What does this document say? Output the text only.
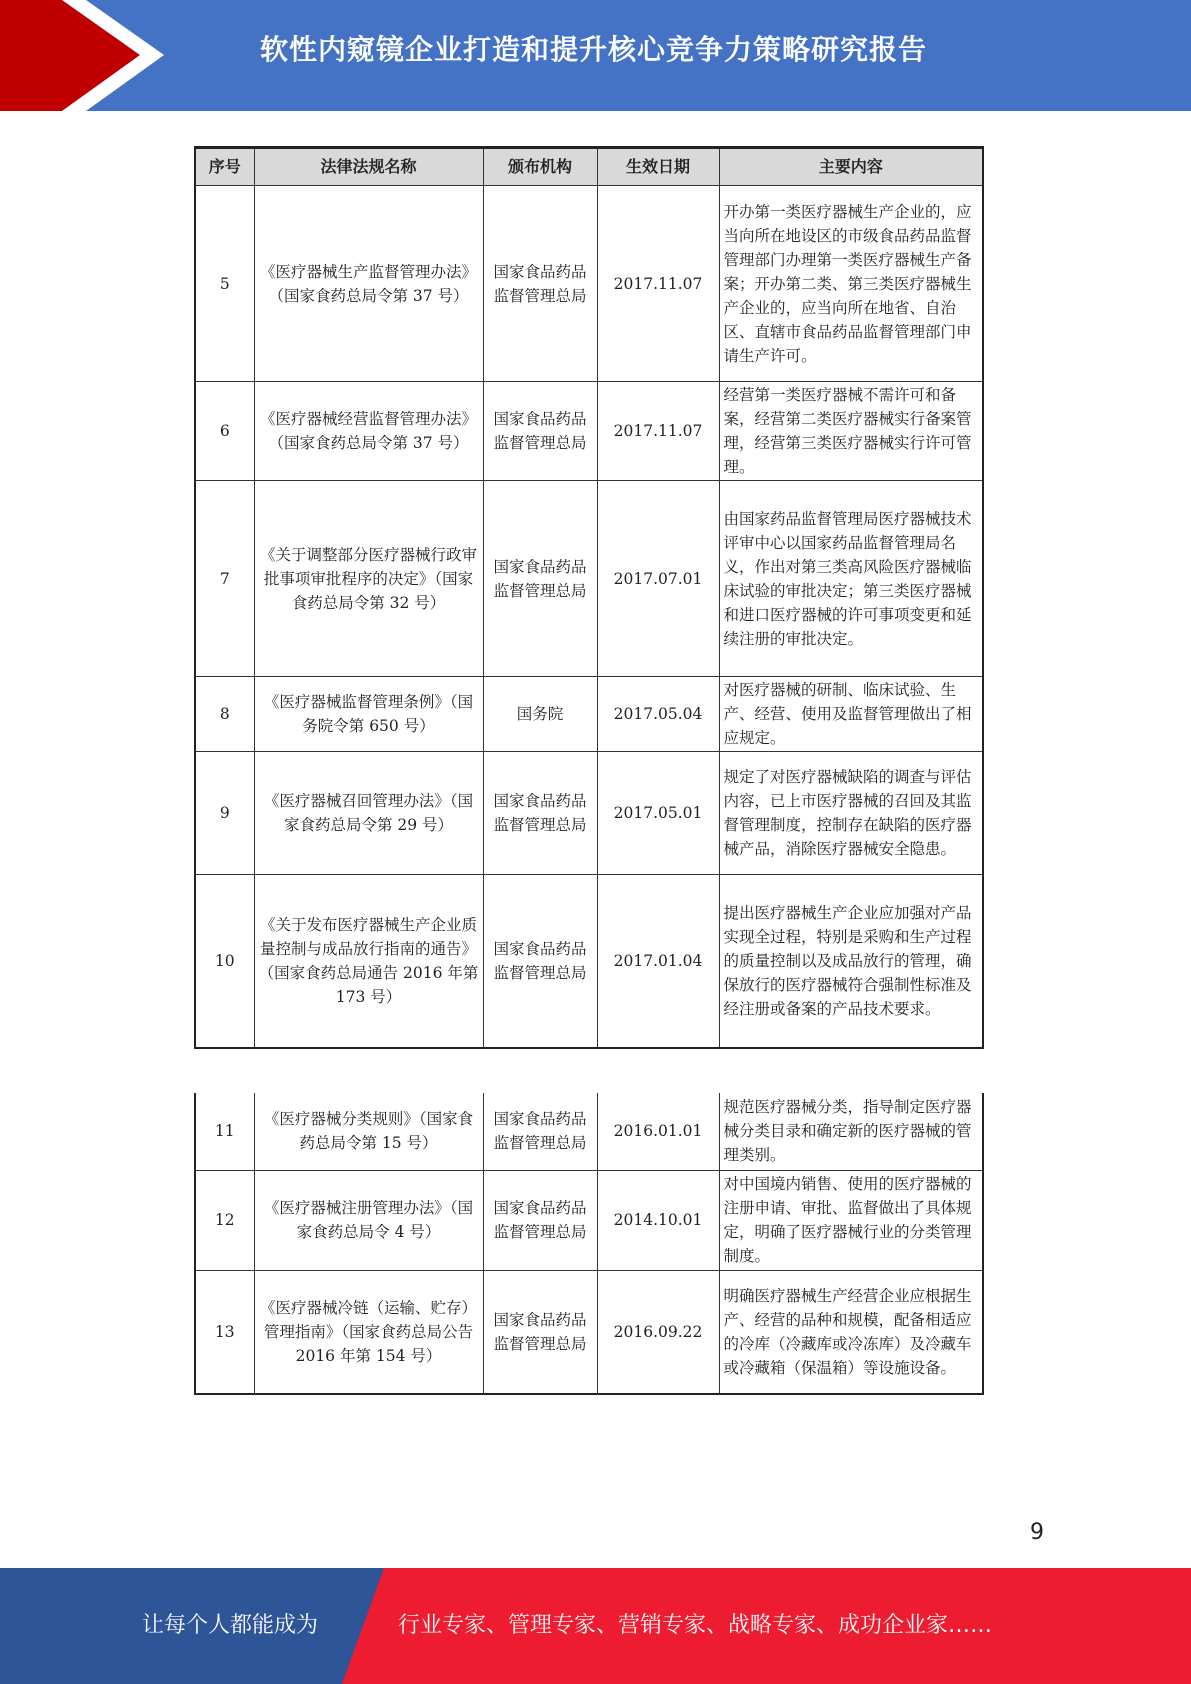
软性内窥镜企业打造和提升核心竞争力策略研究报告
序号	法律法规名称	颁布机构	生效日期	主要内容
5	《医疗器械生产监督管理办法》（国家食药总局令第 37 号）	国家食品药品监督管理总局	2017.11.07	开办第一类医疗器械生产企业的，应当向所在地设区的市级食品药品监督管理部门办理第一类医疗器械生产备案；开办第二类、第三类医疗器械生产企业的，应当向所在地省、自治区、直辖市食品药品监督管理部门申请生产许可。
6	《医疗器械经营监督管理办法》（国家食药总局令第 37 号）	国家食品药品监督管理总局	2017.11.07	经营第一类医疗器械不需许可和备案，经营第二类医疗器械实行备案管理，经营第三类医疗器械实行许可管理。
7	《关于调整部分医疗器械行政审批事项审批程序的决定》（国家食药总局令第 32 号）	国家食品药品监督管理总局	2017.07.01	由国家药品监督管理局医疗器械技术评审中心以国家药品监督管理局名义，作出对第三类高风险医疗器械临床试验的审批决定；第三类医疗器械和进口医疗器械的许可事项变更和延续注册的审批决定。
8	《医疗器械监督管理条例》（国务院令第 650 号）	国务院	2017.05.04	对医疗器械的研制、临床试验、生产、经营、使用及监督管理做出了相应规定。
9	《医疗器械召回管理办法》（国家食药总局令第 29 号）	国家食品药品监督管理总局	2017.05.01	规定了对医疗器械缺陷的调查与评估内容，已上市医疗器械的召回及其监督管理制度，控制存在缺陷的医疗器械产品，消除医疗器械安全隐患。
10	《关于发布医疗器械生产企业质量控制与成品放行指南的通告》（国家食药总局通告 2016 年第 173 号）	国家食品药品监督管理总局	2017.01.04	提出医疗器械生产企业应加强对产品实现全过程，特别是采购和生产过程的质量控制以及成品放行的管理，确保放行的医疗器械符合强制性标准及经注册或备案的产品技术要求。
11	《医疗器械分类规则》（国家食药总局令第 15 号）	国家食品药品监督管理总局	2016.01.01	规范医疗器械分类，指导制定医疗器械分类目录和确定新的医疗器械的管理类别。
12	《医疗器械注册管理办法》（国家食药总局令 4 号）	国家食品药品监督管理总局	2014.10.01	对中国境内销售、使用的医疗器械的注册申请、审批、监督做出了具体规定，明确了医疗器械行业的分类管理制度。
13	《医疗器械冷链（运输、贮存）管理指南》（国家食药总局公告 2016 年第 154 号）	国家食品药品监督管理总局	2016.09.22	明确医疗器械生产经营企业应根据生产、经营的品种和规模，配备相适应的冷库（冷藏库或冷冻库）及冷藏车或冷藏箱（保温箱）等设施设备。
9
让每个人都能成为	行业专家、管理专家、营销专家、战略专家、成功企业家……
